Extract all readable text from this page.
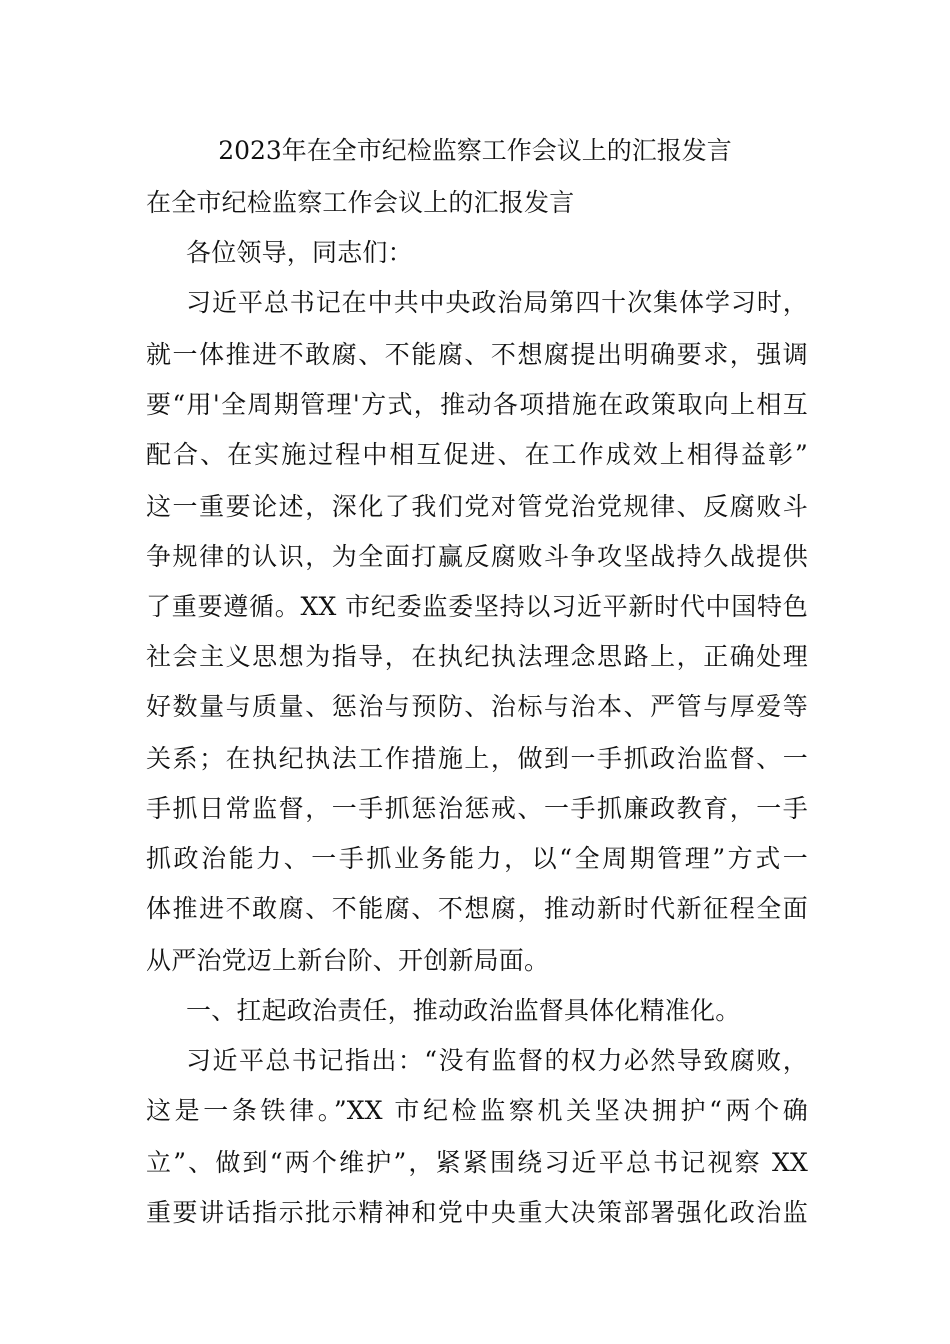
2023年在全市纪检监察工作会议上的汇报发言
在全市纪检监察工作会议上的汇报发言
各位领导，同志们：
习近平总书记在中共中央政治局第四十次集体学习时，
就一体推进不敢腐、不能腐、不想腐提出明确要求，强调
要“用'全周期管理'方式，推动各项措施在政策取向上相互
配合、在实施过程中相互促进、在工作成效上相得益彰”
这一重要论述，深化了我们党对管党治党规律、反腐败斗
争规律的认识，为全面打赢反腐败斗争攻坚战持久战提供
了重要遵循。XX 市纪委监委坚持以习近平新时代中国特色
社会主义思想为指导，在执纪执法理念思路上，正确处理
好数量与质量、惩治与预防、治标与治本、严管与厚爱等
关系；在执纪执法工作措施上，做到一手抓政治监督、一
手抓日常监督，一手抓惩治惩戒、一手抓廉政教育，一手
抓政治能力、一手抓业务能力，以“全周期管理”方式一
体推进不敢腐、不能腐、不想腐，推动新时代新征程全面
从严治党迈上新台阶、开创新局面。
一、扛起政治责任，推动政治监督具体化精准化。
习近平总书记指出：“没有监督的权力必然导致腐败，
这是一条铁律。”XX 市纪检监察机关坚决拥护“两个确
立”、做到“两个维护”，紧紧围绕习近平总书记视察 XX
重要讲话指示批示精神和党中央重大决策部署强化政治监
